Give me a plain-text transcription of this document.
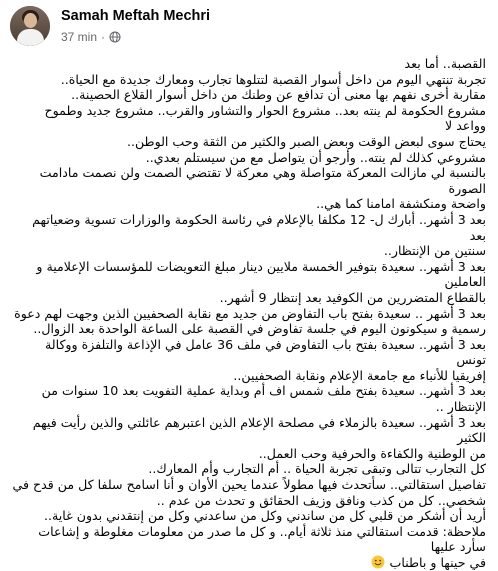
Samah Meftah Mechri
37 min ·

القصبة.. أما بعد

تجربة تنتهي اليوم من داخل أسوار القصبة لتتلوها تجارب ومعارك جديدة مع الحياة..

مقاربة أخرى نفهم بها معنى أن تدافع عن وطنك من داخل أسوار القلاع الحصينة..

مشروع الحكومة لم ينته بعد.. مشروع الحوار والتشاور والقرب.. مشروع جديد وطموح وواعد لا

يحتاج سوى لبعض الوقت وبعض الصبر والكثير من الثقة وحب الوطن..

مشروعي كذلك لم ينته.. وأرجو أن يتواصل مع من سيستلم بعدي..

بالنسبة لي مازالت المعركة متواصلة وهي معركة لا تقتضي الصمت ولن نصمت مادامت الصورة

واضحة ومنكشفة امامنا كما هي..

بعد 3 أشهر.. أبارك ل- 12 مكلفا بالإعلام في رئاسة الحكومة والوزارات تسوية وضعياتهم بعد

سنتين من الإنتظار..

بعد 3 أشهر.. سعيدة بتوفير الخمسة ملايين دينار مبلغ التعويضات للمؤسسات الإعلامية و العاملين

بالقطاع المتضررين من الكوفيد بعد إنتظار 9 أشهر..

بعد 3 أشهر .. سعيدة بفتح باب التفاوض من جديد مع نقابة الصحفيين الذين وجهت لهم دعوة

رسمية و سيكونون اليوم في جلسة تفاوض في القصبة على الساعة الواحدة بعد الزوال..

بعد 3 أشهر.. سعيدة بفتح باب التفاوض في ملف 36 عامل في الإذاعة والتلفزة ووكالة تونس

إفريقيا للأنباء مع جامعة الإعلام ونقابة الصحفيين..

بعد 3 أشهر.. سعيدة بفتح ملف شمس اف أم وبداية عملية التفويت بعد 10 سنوات من الإنتظار ..

بعد 3 أشهر.. سعيدة بالزملاء في مصلحة الإعلام الذين اعتبرهم عائلتي والذين رأيت فيهم الكثير

من الوطنية والكفاءة والحرفية وحب العمل..

كل التجارب تتالى وتبقى تجربة الحياة .. أم التجارب وأم المعارك..

تفاصيل استقالتي.. سأتحدث فيها مطولاً عندما يحين الأوان و أنا اسامح سلفا كل من قدح في

شخصي.. كل من كذب ونافق وزيف الحقائق و تحدث من عدم ..

أريد أن أشكر من قلبي كل من ساندني وكل من ساعدني وكل من إنتقدني بدون غاية..

ملاحظة: قدمت استقالتي منذ ثلاثة أيام.. و كل ما صدر من معلومات مغلوطة و إشاعات سأرد عليها

في حينها و باطناب
